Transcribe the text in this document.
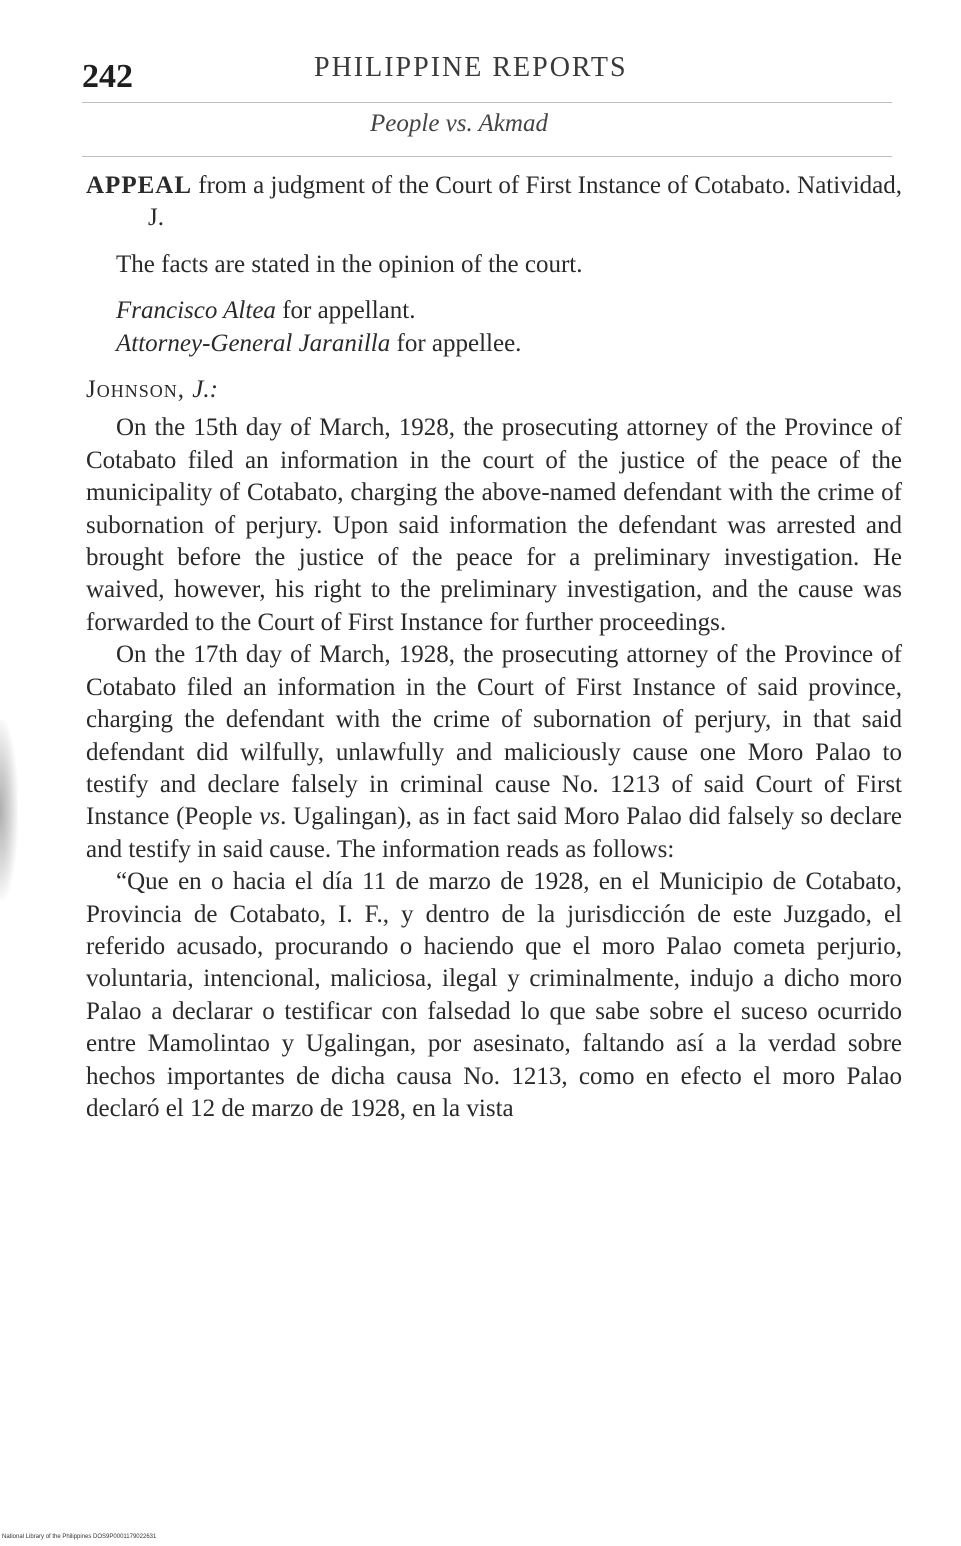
242	PHILIPPINE REPORTS
People vs. Akmad

APPEAL from a judgment of the Court of First Instance of Cotabato. Natividad, J.

The facts are stated in the opinion of the court.

Francisco Altea for appellant.
Attorney-General Jaranilla for appellee.

Johnson, J.:

On the 15th day of March, 1928, the prosecuting attorney of the Province of Cotabato filed an information in the court of the justice of the peace of the municipality of Cotabato, charging the above-named defendant with the crime of subornation of perjury. Upon said information the defendant was arrested and brought before the justice of the peace for a preliminary investigation. He waived, however, his right to the preliminary investigation, and the cause was forwarded to the Court of First Instance for further proceedings.

On the 17th day of March, 1928, the prosecuting attorney of the Province of Cotabato filed an information in the Court of First Instance of said province, charging the defendant with the crime of subornation of perjury, in that said defendant did wilfully, unlawfully and maliciously cause one Moro Palao to testify and declare falsely in criminal cause No. 1213 of said Court of First Instance (People vs. Ugalingan), as in fact said Moro Palao did falsely so declare and testify in said cause. The information reads as follows:

“Que en o hacia el día 11 de marzo de 1928, en el Municipio de Cotabato, Provincia de Cotabato, I. F., y dentro de la jurisdicción de este Juzgado, el referido acusado, procurando o haciendo que el moro Palao cometa perjurio, voluntaria, intencional, maliciosa, ilegal y criminalmente, indujo a dicho moro Palao a declarar o testificar con falsedad lo que sabe sobre el suceso ocurrido entre Mamolintao y Ugalingan, por asesinato, faltando así a la verdad sobre hechos importantes de dicha causa No. 1213, como en efecto el moro Palao declaró el 12 de marzo de 1928, en la vista

National Library of the Philippines DOS9P0001179022631
